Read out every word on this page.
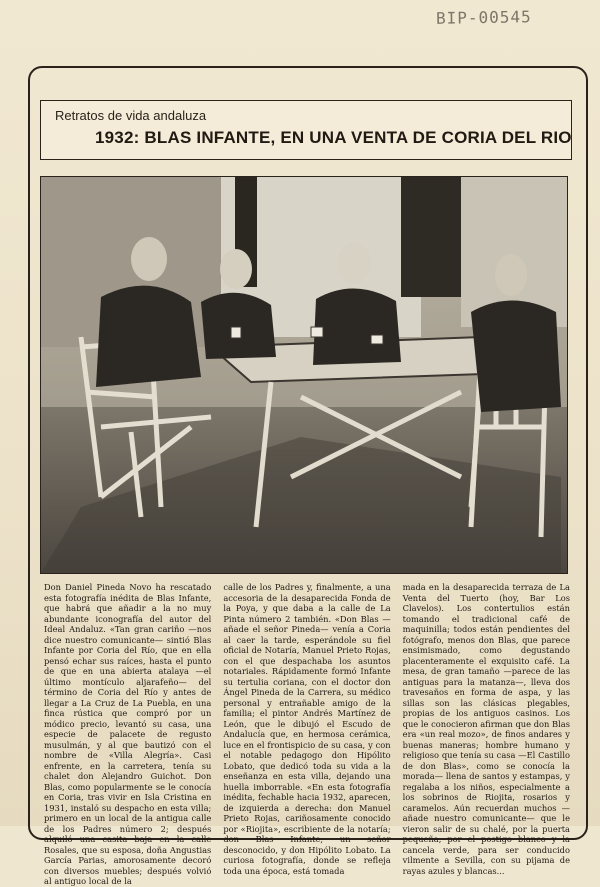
BIP-00545
Retratos de vida andaluza
1932: BLAS INFANTE, EN UNA VENTA DE CORIA DEL RIO
Don Daniel Pineda Novo ha rescatado esta fotografía inédita de Blas Infante, que habrá que añadir a la no muy abundante iconografía del autor del Ideal Andaluz. «Tan gran cariño —nos dice nuestro comunicante— sintió Blas Infante por Coria del Río, que en ella pensó echar sus raíces, hasta el punto de que en una abierta atalaya —el último montículo aljarafeño— del término de Coria del Río y antes de llegar a La Cruz de La Puebla, en una finca rústica que compró por un módico precio, levantó su casa, una especie de palacete de regusto musulmán, y al que bautizó con el nombre de «Villa Alegría». Casi enfrente, en la carretera, tenía su chalet don Alejandro Guichot. Don Blas, como popularmente se le conocía en Coria, tras vivir en Isla Cristina en 1931, instaló su despacho en esta villa; primero en un local de la antigua calle de los Padres número 2; después alquiló una casita baja en la calle Rosales, que su esposa, doña Angustias García Parias, amorosamente decoró con diversos muebles; después volvió al antiguo local de la
calle de los Padres y, finalmente, a una accesoria de la desaparecida Fonda de la Poya, y que daba a la calle de La Pinta número 2 también. «Don Blas —añade el señor Pineda— venía a Coria al caer la tarde, esperándole su fiel oficial de Notaría, Manuel Prieto Rojas, con el que despachaba los asuntos notariales. Rápidamente formó Infante su tertulia coriana, con el doctor don Ángel Pineda de la Carrera, su médico personal y entrañable amigo de la familia; el pintor Andrés Martínez de León, que le dibujó el Escudo de Andalucía que, en hermosa cerámica, luce en el frontispicio de su casa, y con el notable pedagogo don Hipólito Lobato, que dedicó toda su vida a la enseñanza en esta villa, dejando una huella imborrable. «En esta fotografía inédita, fechable hacia 1932, aparecen, de izquierda a derecha: don Manuel Prieto Rojas, cariñosamente conocido por «Riojita», escribiente de la notaría; don Blas Infante; un señor desconocido, y don Hipólito Lobato. La curiosa fotografía, donde se refleja toda una época, está tomada
mada en la desaparecida terraza de La Venta del Tuerto (hoy, Bar Los Clavelos). Los contertulios están tomando el tradicional café de maquinilla; todos están pendientes del fotógrafo, menos don Blas, que parece ensimismado, como degustando placenteramente el exquisito café. La mesa, de gran tamaño —parece de las antiguas para la matanza—, lleva dos travesaños en forma de aspa, y las sillas son las clásicas plegables, propias de los antiguos casinos. Los que le conocieron afirman que don Blas era «un real mozo», de finos andares y buenas maneras; hombre humano y religioso que tenía su casa —El Castillo de don Blas», como se conocía la morada— llena de santos y estampas, y regalaba a los niños, especialmente a los sobrinos de Riojita, rosarios y caramelos. Aún recuerdan muchos —añade nuestro comunicante— que le vieron salir de su chalé, por la puerta pequeña, por el postigo blanco y la cancela verde, para ser conducido vilmente a Sevilla, con su pijama de rayas azules y blancas...
